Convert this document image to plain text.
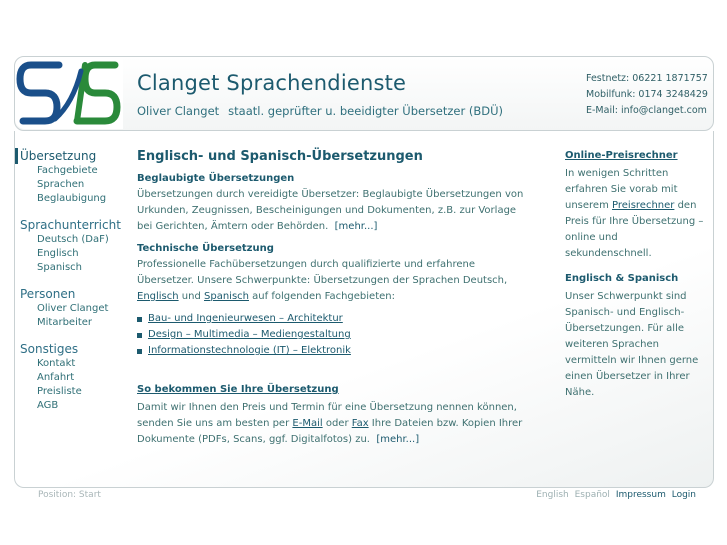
Clanget Sprachendienste
Oliver Clanget staatl. geprüfter u. beeidigter Übersetzer (BDÜ)
Festnetz: 06221 1871757
Mobilfunk: 0174 3248429
E-Mail: info@clanget.com
Übersetzung
Fachgebiete
Sprachen
Beglaubigung
Sprachunterricht
Deutsch (DaF)
Englisch
Spanisch
Personen
Oliver Clanget
Mitarbeiter
Sonstiges
Kontakt
Anfahrt
Preisliste
AGB
Englisch- und Spanisch-Übersetzungen
Beglaubigte Übersetzungen

Übersetzungen durch vereidigte Übersetzer: Beglaubigte Übersetzungen von Urkunden, Zeugnissen, Bescheinigungen und Dokumenten, z.B. zur Vorlage bei Gerichten, Ämtern oder Behörden. [mehr...]

Technische Übersetzung

Professionelle Fachübersetzungen durch qualifizierte und erfahrene Übersetzer. Unsere Schwerpunkte: Übersetzungen der Sprachen Deutsch, Englisch und Spanisch auf folgenden Fachgebieten:

Bau- und Ingenieurwesen – Architektur
Design – Multimedia – Mediengestaltung
Informationstechnologie (IT) – Elektronik
So bekommen Sie Ihre Übersetzung

Damit wir Ihnen den Preis und Termin für eine Übersetzung nennen können, senden Sie uns am besten per E-Mail oder Fax Ihre Dateien bzw. Kopien Ihrer Dokumente (PDFs, Scans, ggf. Digitalfotos) zu. [mehr...]

Online-Preisrechner

In wenigen Schritten erfahren Sie vorab mit unserem Preisrechner den Preis für Ihre Übersetzung – online und sekundenschnell.

Englisch & Spanisch

Unser Schwerpunkt sind Spanisch- und Englisch-Übersetzungen. Für alle weiteren Sprachen vermitteln wir Ihnen gerne einen Übersetzer in Ihrer Nähe.

Position: Start	English Español Impressum Login
